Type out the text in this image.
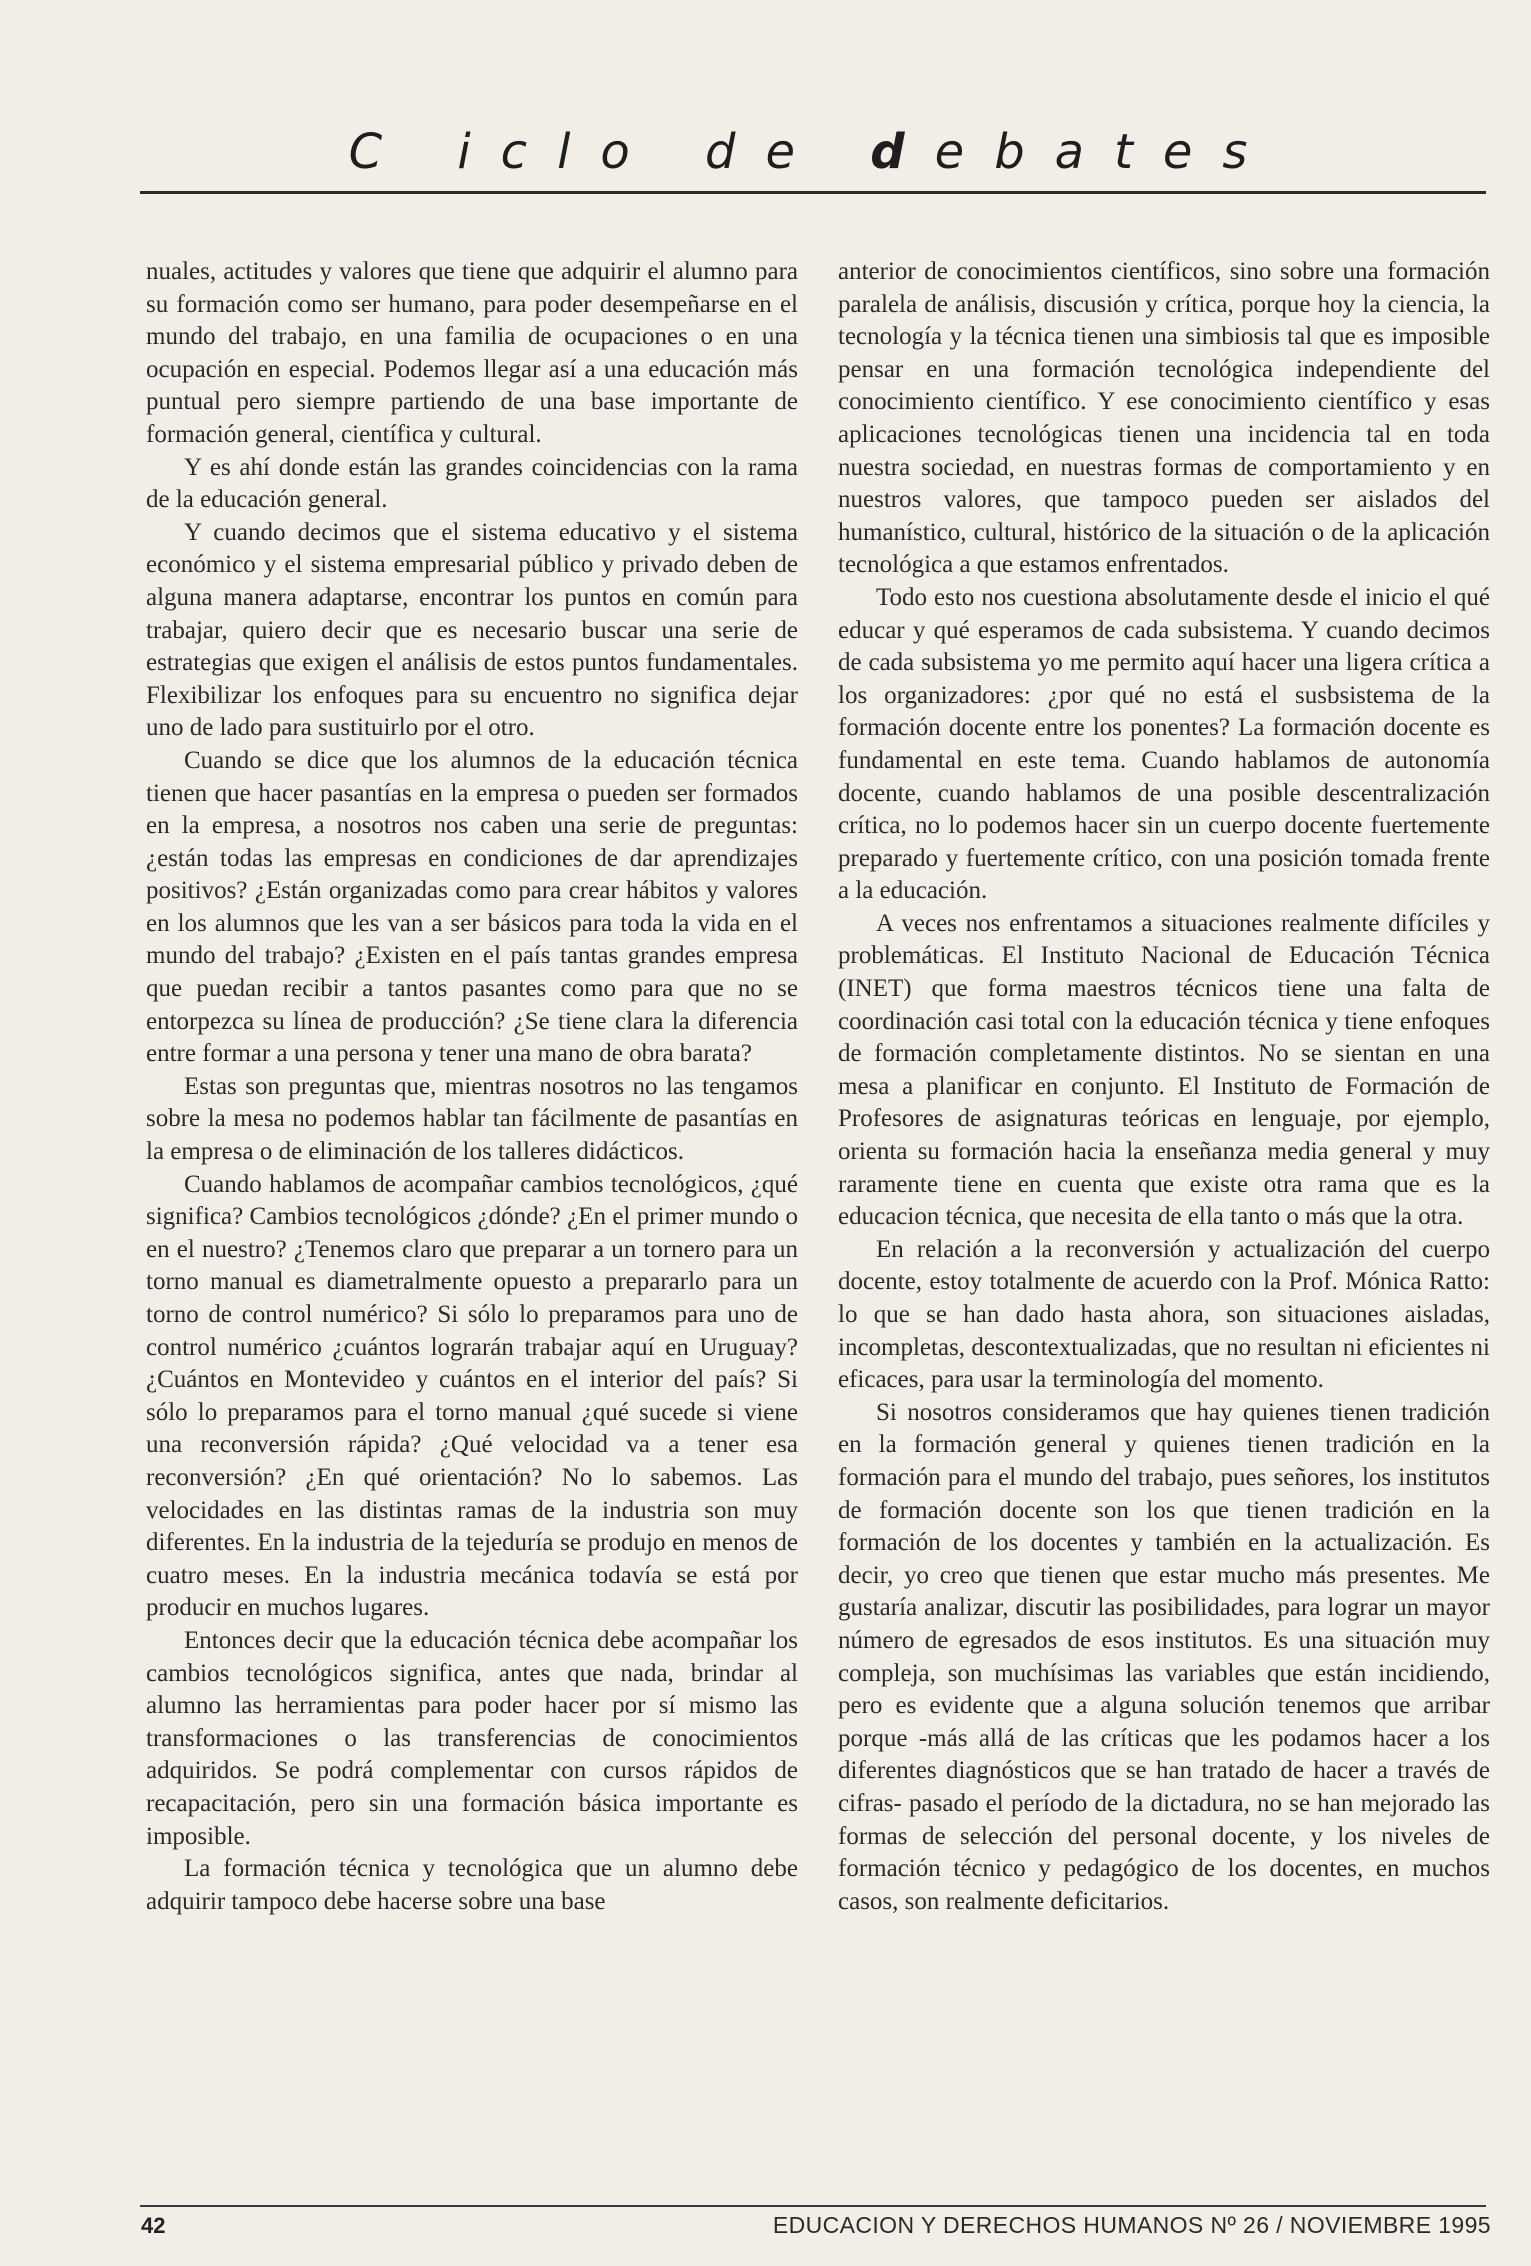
C iclo de debates

nuales, actitudes y valores que tiene que adquirir el alumno para su formación como ser humano, para poder desempeñarse en el mundo del trabajo, en una familia de ocupaciones o en una ocupación en especial. Podemos llegar así a una educación más puntual pero siempre partiendo de una base importante de formación general, científica y cultural.

Y es ahí donde están las grandes coincidencias con la rama de la educación general.

Y cuando decimos que el sistema educativo y el sistema económico y el sistema empresarial público y privado deben de alguna manera adaptarse, encontrar los puntos en común para trabajar, quiero decir que es necesario buscar una serie de estrategias que exigen el análisis de estos puntos fundamentales. Flexibilizar los enfoques para su encuentro no significa dejar uno de lado para sustituirlo por el otro.

Cuando se dice que los alumnos de la educación técnica tienen que hacer pasantías en la empresa o pueden ser formados en la empresa, a nosotros nos caben una serie de preguntas: ¿están todas las empresas en condiciones de dar aprendizajes positivos? ¿Están organizadas como para crear hábitos y valores en los alumnos que les van a ser básicos para toda la vida en el mundo del trabajo? ¿Existen en el país tantas grandes empresa que puedan recibir a tantos pasantes como para que no se entorpezca su línea de producción? ¿Se tiene clara la diferencia entre formar a una persona y tener una mano de obra barata?

Estas son preguntas que, mientras nosotros no las tengamos sobre la mesa no podemos hablar tan fácilmente de pasantías en la empresa o de eliminación de los talleres didácticos.

Cuando hablamos de acompañar cambios tecnológicos, ¿qué significa? Cambios tecnológicos ¿dónde? ¿En el primer mundo o en el nuestro? ¿Tenemos claro que preparar a un tornero para un torno manual es diametralmente opuesto a prepararlo para un torno de control numérico? Si sólo lo preparamos para uno de control numérico ¿cuántos lograrán trabajar aquí en Uruguay? ¿Cuántos en Montevideo y cuántos en el interior del país? Si sólo lo preparamos para el torno manual ¿qué sucede si viene una reconversión rápida? ¿Qué velocidad va a tener esa reconversión? ¿En qué orientación? No lo sabemos. Las velocidades en las distintas ramas de la industria son muy diferentes. En la industria de la tejeduría se produjo en menos de cuatro meses. En la industria mecánica todavía se está por producir en muchos lugares.

Entonces decir que la educación técnica debe acompañar los cambios tecnológicos significa, antes que nada, brindar al alumno las herramientas para poder hacer por sí mismo las transformaciones o las transferencias de conocimientos adquiridos. Se podrá complementar con cursos rápidos de recapacitación, pero sin una formación básica importante es imposible.

La formación técnica y tecnológica que un alumno debe adquirir tampoco debe hacerse sobre una base

anterior de conocimientos científicos, sino sobre una formación paralela de análisis, discusión y crítica, porque hoy la ciencia, la tecnología y la técnica tienen una simbiosis tal que es imposible pensar en una formación tecnológica independiente del conocimiento científico. Y ese conocimiento científico y esas aplicaciones tecnológicas tienen una incidencia tal en toda nuestra sociedad, en nuestras formas de comportamiento y en nuestros valores, que tampoco pueden ser aislados del humanístico, cultural, histórico de la situación o de la aplicación tecnológica a que estamos enfrentados.

Todo esto nos cuestiona absolutamente desde el inicio el qué educar y qué esperamos de cada subsistema. Y cuando decimos de cada subsistema yo me permito aquí hacer una ligera crítica a los organizadores: ¿por qué no está el susbsistema de la formación docente entre los ponentes? La formación docente es fundamental en este tema. Cuando hablamos de autonomía docente, cuando hablamos de una posible descentralización crítica, no lo podemos hacer sin un cuerpo docente fuertemente preparado y fuertemente crítico, con una posición tomada frente a la educación.

A veces nos enfrentamos a situaciones realmente difíciles y problemáticas. El Instituto Nacional de Educación Técnica (INET) que forma maestros técnicos tiene una falta de coordinación casi total con la educación técnica y tiene enfoques de formación completamente distintos. No se sientan en una mesa a planificar en conjunto. El Instituto de Formación de Profesores de asignaturas teóricas en lenguaje, por ejemplo, orienta su formación hacia la enseñanza media general y muy raramente tiene en cuenta que existe otra rama que es la educacion técnica, que necesita de ella tanto o más que la otra.

En relación a la reconversión y actualización del cuerpo docente, estoy totalmente de acuerdo con la Prof. Mónica Ratto: lo que se han dado hasta ahora, son situaciones aisladas, incompletas, descontextualizadas, que no resultan ni eficientes ni eficaces, para usar la terminología del momento.

Si nosotros consideramos que hay quienes tienen tradición en la formación general y quienes tienen tradición en la formación para el mundo del trabajo, pues señores, los institutos de formación docente son los que tienen tradición en la formación de los docentes y también en la actualización. Es decir, yo creo que tienen que estar mucho más presentes. Me gustaría analizar, discutir las posibilidades, para lograr un mayor número de egresados de esos institutos. Es una situación muy compleja, son muchísimas las variables que están incidiendo, pero es evidente que a alguna solución tenemos que arribar porque -más allá de las críticas que les podamos hacer a los diferentes diagnósticos que se han tratado de hacer a través de cifras- pasado el período de la dictadura, no se han mejorado las formas de selección del personal docente, y los niveles de formación técnico y pedagógico de los docentes, en muchos casos, son realmente deficitarios.

42	EDUCACION Y DERECHOS HUMANOS Nº 26 / NOVIEMBRE 1995
